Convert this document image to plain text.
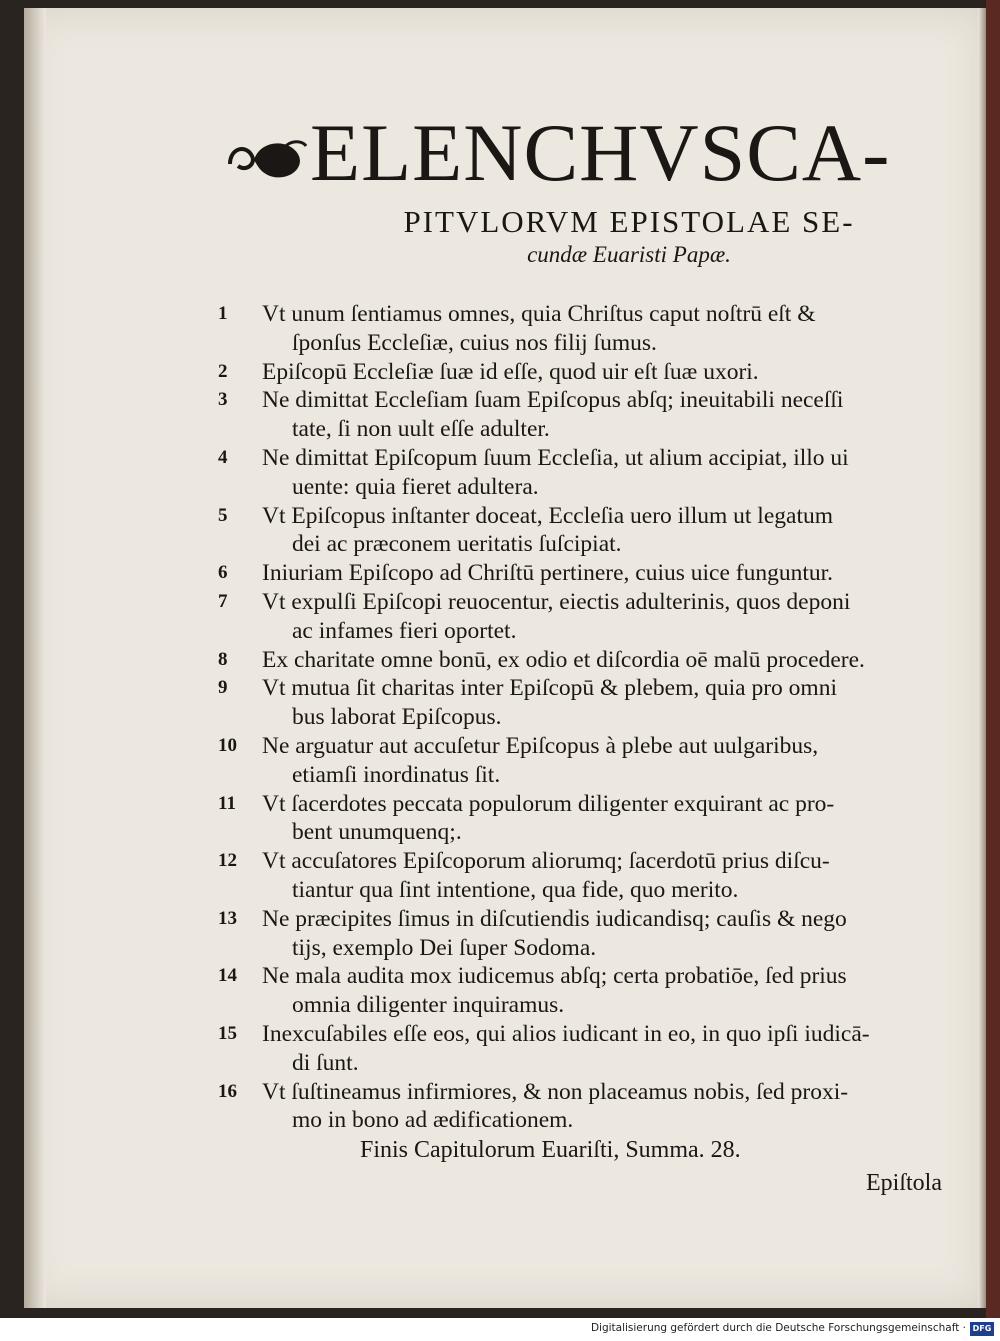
ELENCHVSCA-
PITVLORVM EPISTOLAE SE-
cundæ Euaristi Papæ.
1 Vt unum ſentiamus omnes, quia Chriſtus caput noſtrū eſt &
ſponſus Eccleſiæ, cuius nos filij ſumus.
2 Epiſcopū Eccleſiæ ſuæ id eſſe, quod uir eſt ſuæ uxori.
3 Ne dimittat Eccleſiam ſuam Epiſcopus abſq; ineuitabili neceſſi
tate, ſi non uult eſſe adulter.
4 Ne dimittat Epiſcopum ſuum Eccleſia, ut alium accipiat, illo ui
uente: quia fieret adultera.
5 Vt Epiſcopus inſtanter doceat, Eccleſia uero illum ut legatum
dei ac præconem ueritatis ſuſcipiat.
6 Iniuriam Epiſcopo ad Chriſtū pertinere, cuius uice funguntur.
7 Vt expulſi Epiſcopi reuocentur, eiectis adulterinis, quos deponi
ac infames fieri oportet.
8 Ex charitate omne bonū, ex odio et diſcordia oē malū procedere.
9 Vt mutua ſit charitas inter Epiſcopū & plebem, quia pro omni
bus laborat Epiſcopus.
10 Ne arguatur aut accuſetur Epiſcopus à plebe aut uulgaribus,
etiamſi inordinatus ſit.
11 Vt ſacerdotes peccata populorum diligenter exquirant ac pro-
bent unumquenq;.
12 Vt accuſatores Epiſcoporum aliorumq; ſacerdotū prius diſcu-
tiantur qua ſint intentione, qua fide, quo merito.
13 Ne præcipites ſimus in diſcutiendis iudicandisq; cauſis & nego
tijs, exemplo Dei ſuper Sodoma.
14 Ne mala audita mox iudicemus abſq; certa probatiōe, ſed prius
omnia diligenter inquiramus.
15 Inexcuſabiles eſſe eos, qui alios iudicant in eo, in quo ipſi iudicā-
di ſunt.
16 Vt ſuſtineamus infirmiores, & non placeamus nobis, ſed proxi-
mo in bono ad ædificationem.
Finis Capitulorum Euariſti, Summa. 28.
Epiſtola
Digitalisierung gefördert durch die Deutsche Forschungsgemeinschaft · DFG
